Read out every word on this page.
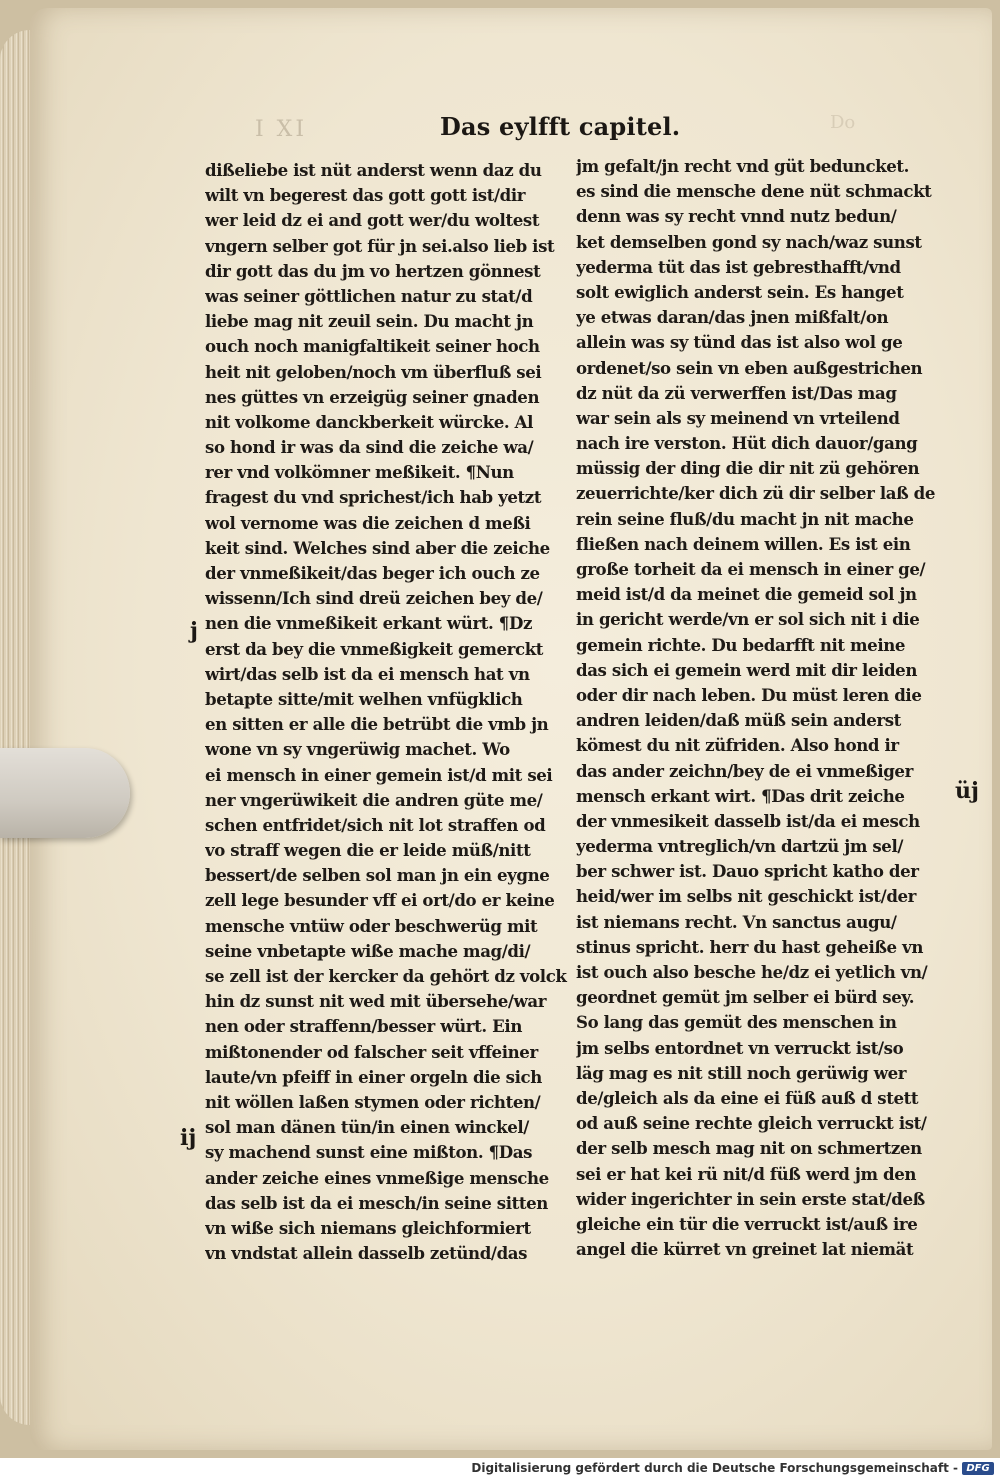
I XI	Do
Das eylfft capitel.
dißeliebe ist nüt anderst wenn daz du
wilt vn begerest das gott gott ist/dir
wer leid dz ei and gott wer/du woltest
vngern selber got für jn sei.also lieb ist
dir gott das du jm vo hertzen gönnest
was seiner göttlichen natur zu stat/d
liebe mag nit zeuil sein. Du macht jn
ouch noch manigfaltikeit seiner hoch
heit nit geloben/noch vm überfluß sei
nes güttes vn erzeigüg seiner gnaden
nit volkome danckberkeit würcke. Al
so hond ir was da sind die zeiche wa/
rer vnd volkömner meßikeit. ¶Nun
fragest du vnd sprichest/ich hab yetzt
wol vernome was die zeichen d meßi
keit sind. Welches sind aber die zeiche
der vnmeßikeit/das beger ich ouch ze
wissenn/Ich sind dreü zeichen bey de/
nen die vnmeßikeit erkant würt. ¶Dz
erst da bey die vnmeßigkeit gemerckt
wirt/das selb ist da ei mensch hat vn
betapte sitte/mit welhen vnfügklich
en sitten er alle die betrübt die vmb jn
wone vn sy vngerüwig machet. Wo
ei mensch in einer gemein ist/d mit sei
ner vngerüwikeit die andren güte me/
schen entfridet/sich nit lot straffen od
vo straff wegen die er leide müß/nitt
bessert/de selben sol man jn ein eygne
zell lege besunder vff ei ort/do er keine
mensche vntüw oder beschwerüg mit
seine vnbetapte wiße mache mag/di/
se zell ist der kercker da gehört dz volck
hin dz sunst nit wed mit übersehe/war
nen oder straffenn/besser würt. Ein
mißtonender od falscher seit vffeiner
laute/vn pfeiff in einer orgeln die sich
nit wöllen laßen stymen oder richten/
sol man dänen tün/in einen winckel/
sy machend sunst eine mißton. ¶Das
ander zeiche eines vnmeßige mensche
das selb ist da ei mesch/in seine sitten
vn wiße sich niemans gleichformiert
vn vndstat allein dasselb zetünd/das
jm gefalt/jn recht vnd güt beduncket.
es sind die mensche dene nüt schmackt
denn was sy recht vnnd nutz bedun/
ket demselben gond sy nach/waz sunst
yederma tüt das ist gebresthafft/vnd
solt ewiglich anderst sein. Es hanget
ye etwas daran/das jnen mißfalt/on
allein was sy tünd das ist also wol ge
ordenet/so sein vn eben außgestrichen
dz nüt da zü verwerffen ist/Das mag
war sein als sy meinend vn vrteilend
nach ire verston. Hüt dich dauor/gang
müssig der ding die dir nit zü gehören
zeuerrichte/ker dich zü dir selber laß de
rein seine fluß/du macht jn nit mache
fließen nach deinem willen. Es ist ein
große torheit da ei mensch in einer ge/
meid ist/d da meinet die gemeid sol jn
in gericht werde/vn er sol sich nit i die
gemein richte. Du bedarfft nit meine
das sich ei gemein werd mit dir leiden
oder dir nach leben. Du müst leren die
andren leiden/daß müß sein anderst
kömest du nit züfriden. Also hond ir
das ander zeichn/bey de ei vnmeßiger
mensch erkant wirt. ¶Das drit zeiche
der vnmesikeit dasselb ist/da ei mesch
yederma vntreglich/vn dartzü jm sel/
ber schwer ist. Dauo spricht katho der
heid/wer im selbs nit geschickt ist/der
ist niemans recht. Vn sanctus augu/
stinus spricht. herr du hast geheiße vn
ist ouch also besche he/dz ei yetlich vn/
geordnet gemüt jm selber ei bürd sey.
So lang das gemüt des menschen in
jm selbs entordnet vn verruckt ist/so
läg mag es nit still noch gerüwig wer
de/gleich als da eine ei füß auß d stett
od auß seine rechte gleich verruckt ist/
der selb mesch mag nit on schmertzen
sei er hat kei rü nit/d füß werd jm den
wider ingerichter in sein erste stat/deß
gleiche ein tür die verruckt ist/auß ire
angel die kürret vn greinet lat niemät
j
ij
üj
Digitalisierung gefördert durch die Deutsche Forschungsgemeinschaft - DFG
